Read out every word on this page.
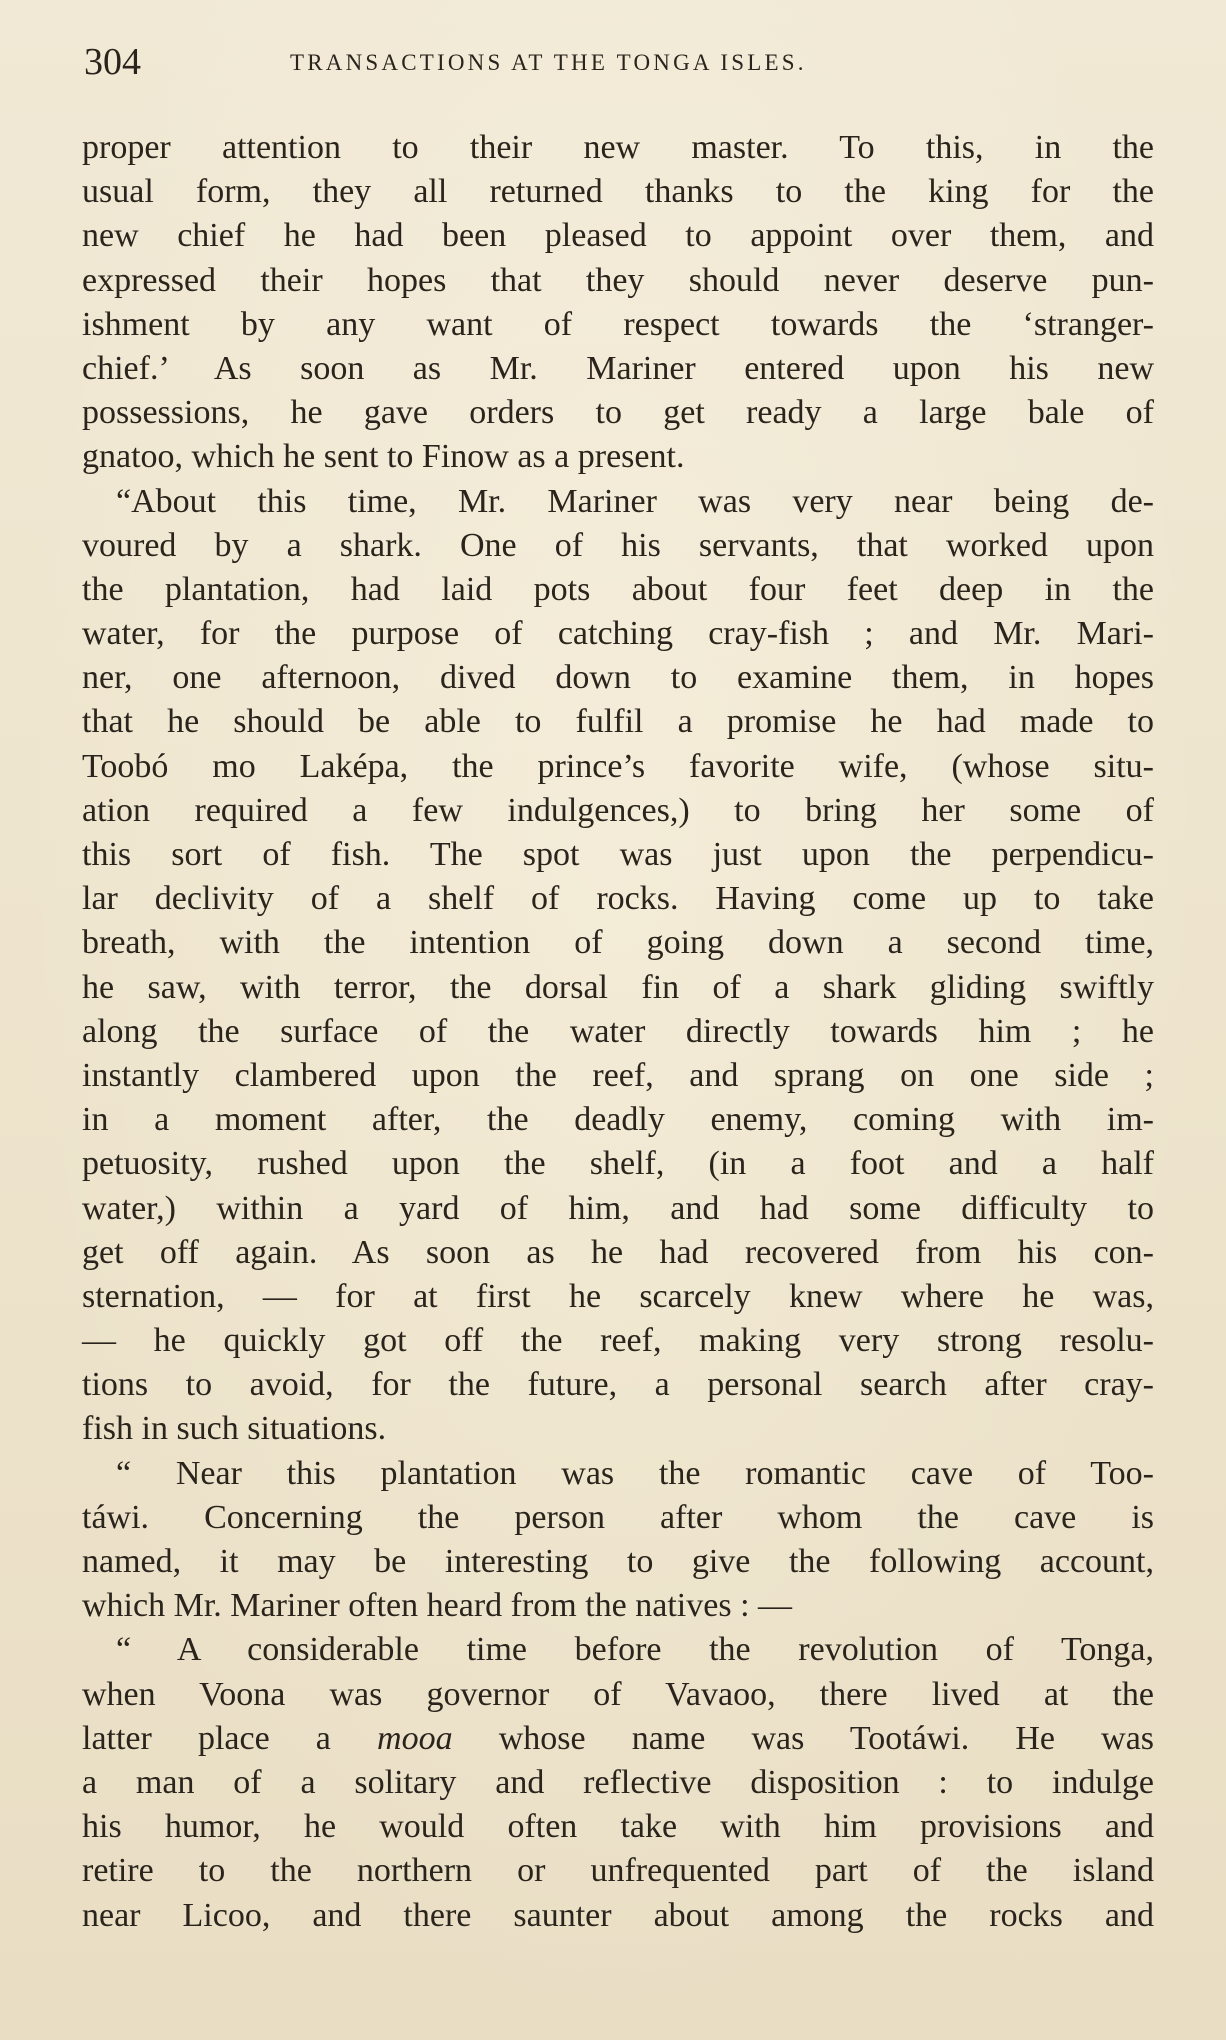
304	TRANSACTIONS AT THE TONGA ISLES.
proper attention to their new master. To this, in the
usual form, they all returned thanks to the king for the
new chief he had been pleased to appoint over them, and
expressed their hopes that they should never deserve pun-
ishment by any want of respect towards the ‘stranger-
chief.’ As soon as Mr. Mariner entered upon his new
possessions, he gave orders to get ready a large bale of
gnatoo, which he sent to Finow as a present.
“About this time, Mr. Mariner was very near being de-
voured by a shark. One of his servants, that worked upon
the plantation, had laid pots about four feet deep in the
water, for the purpose of catching cray-fish ; and Mr. Mari-
ner, one afternoon, dived down to examine them, in hopes
that he should be able to fulfil a promise he had made to
Toobó mo Laképa, the prince’s favorite wife, (whose situ-
ation required a few indulgences,) to bring her some of
this sort of fish. The spot was just upon the perpendicu-
lar declivity of a shelf of rocks. Having come up to take
breath, with the intention of going down a second time,
he saw, with terror, the dorsal fin of a shark gliding swiftly
along the surface of the water directly towards him ; he
instantly clambered upon the reef, and sprang on one side ;
in a moment after, the deadly enemy, coming with im-
petuosity, rushed upon the shelf, (in a foot and a half
water,) within a yard of him, and had some difficulty to
get off again. As soon as he had recovered from his con-
sternation, — for at first he scarcely knew where he was,
— he quickly got off the reef, making very strong resolu-
tions to avoid, for the future, a personal search after cray-
fish in such situations.
“ Near this plantation was the romantic cave of Too-
táwi. Concerning the person after whom the cave is
named, it may be interesting to give the following account,
which Mr. Mariner often heard from the natives : —
“ A considerable time before the revolution of Tonga,
when Voona was governor of Vavaoo, there lived at the
latter place a mooa whose name was Tootáwi. He was
a man of a solitary and reflective disposition : to indulge
his humor, he would often take with him provisions and
retire to the northern or unfrequented part of the island
near Licoo, and there saunter about among the rocks and
